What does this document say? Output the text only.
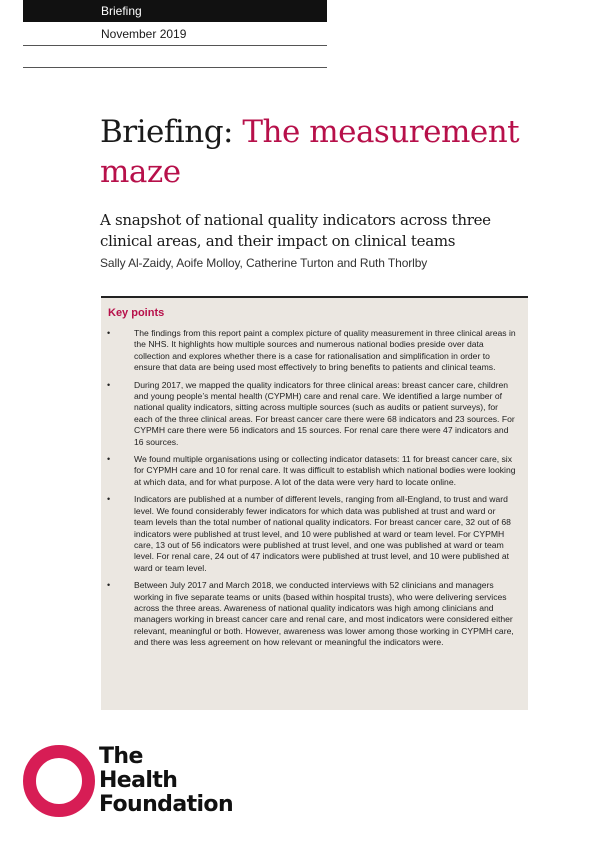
Briefing
November 2019
Briefing: The measurement maze

A snapshot of national quality indicators across three clinical areas, and their impact on clinical teams

Sally Al-Zaidy, Aoife Molloy, Catherine Turton and Ruth Thorlby
Key points
•	The findings from this report paint a complex picture of quality measurement in three clinical areas in the NHS. It highlights how multiple sources and numerous national bodies preside over data collection and explores whether there is a case for rationalisation and simplification in order to ensure that data are being used most effectively to bring benefits to patients and clinical teams.
•	During 2017, we mapped the quality indicators for three clinical areas: breast cancer care, children and young people’s mental health (CYPMH) care and renal care. We identified a large number of national quality indicators, sitting across multiple sources (such as audits or patient surveys), for each of the three clinical areas. For breast cancer care there were 68 indicators and 23 sources. For CYPMH care there were 56 indicators and 15 sources. For renal care there were 47 indicators and 16 sources.
•	We found multiple organisations using or collecting indicator datasets: 11 for breast cancer care, six for CYPMH care and 10 for renal care. It was difficult to establish which national bodies were looking at which data, and for what purpose. A lot of the data were very hard to locate online.
•	Indicators are published at a number of different levels, ranging from all-England, to trust and ward level. We found considerably fewer indicators for which data was published at trust and ward or team levels than the total number of national quality indicators. For breast cancer care, 32 out of 68 indicators were published at trust level, and 10 were published at ward or team level. For CYPMH care, 13 out of 56 indicators were published at trust level, and one was published at ward or team level. For renal care, 24 out of 47 indicators were published at trust level, and 10 were published at ward or team level.
•	Between July 2017 and March 2018, we conducted interviews with 52 clinicians and managers working in five separate teams or units (based within hospital trusts), who were delivering services across the three areas. Awareness of national quality indicators was high among clinicians and managers working in breast cancer care and renal care, and most indicators were considered either relevant, meaningful or both. However, awareness was lower among those working in CYPMH care, and there was less agreement on how relevant or meaningful the indicators were.
The
Health
Foundation
